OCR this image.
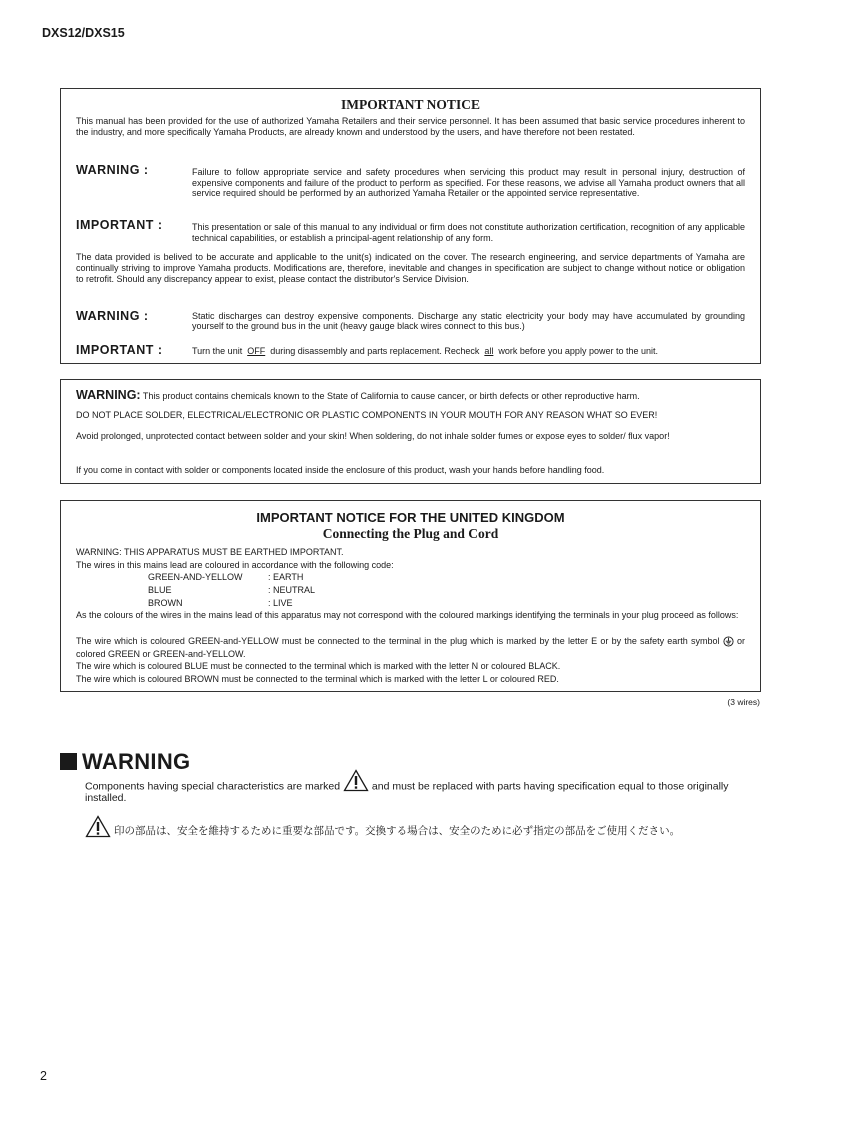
DXS12/DXS15
IMPORTANT NOTICE
This manual has been provided for the use of authorized Yamaha Retailers and their service personnel. It has been assumed that basic service procedures inherent to the industry, and more specifically Yamaha Products, are already known and understood by the users, and have therefore not been restated.
WARNING :	Failure to follow appropriate service and safety procedures when servicing this product may result in personal injury, destruction of expensive components and failure of the product to perform as specified. For these reasons, we advise all Yamaha product owners that all service required should be performed by an authorized Yamaha Retailer or the appointed service representative.
IMPORTANT :	This presentation or sale of this manual to any individual or firm does not constitute authorization certification, recognition of any applicable technical capabilities, or establish a principal-agent relationship of any form.
The data provided is belived to be accurate and applicable to the unit(s) indicated on the cover. The research engineering, and service departments of Yamaha are continually striving to improve Yamaha products. Modifications are, therefore, inevitable and changes in specification are subject to change without notice or obligation to retrofit. Should any discrepancy appear to exist, please contact the distributor's Service Division.
WARNING :	Static discharges can destroy expensive components. Discharge any static electricity your body may have accumulated by grounding yourself to the ground bus in the unit (heavy gauge black wires connect to this bus.)
IMPORTANT :	Turn the unit OFF during disassembly and parts replacement. Recheck all work before you apply power to the unit.
WARNING: This product contains chemicals known to the State of California to cause cancer, or birth defects or other reproductive harm.
DO NOT PLACE SOLDER, ELECTRICAL/ELECTRONIC OR PLASTIC COMPONENTS IN YOUR MOUTH FOR ANY REASON WHAT SO EVER!
Avoid prolonged, unprotected contact between solder and your skin! When soldering, do not inhale solder fumes or expose eyes to solder/ flux vapor!
If you come in contact with solder or components located inside the enclosure of this product, wash your hands before handling food.
IMPORTANT NOTICE FOR THE UNITED KINGDOM
Connecting the Plug and Cord
WARNING: THIS APPARATUS MUST BE EARTHED IMPORTANT.
The wires in this mains lead are coloured in accordance with the following code:
GREEN-AND-YELLOW	: EARTH
BLUE	: NEUTRAL
BROWN	: LIVE
As the colours of the wires in the mains lead of this apparatus may not correspond with the coloured markings identifying the terminals in your plug proceed as follows:
The wire which is coloured GREEN-and-YELLOW must be connected to the terminal in the plug which is marked by the letter E or by the safety earth symbol or colored GREEN or GREEN-and-YELLOW.
The wire which is coloured BLUE must be connected to the terminal which is marked with the letter N or coloured BLACK.
The wire which is coloured BROWN must be connected to the terminal which is marked with the letter L or coloured RED.
(3 wires)
WARNING
Components having special characteristics are marked	and must be replaced with parts having specification equal to those originally installed.
印の部品は、安全を維持するために重要な部品です。交換する場合は、安全のために必ず指定の部品をご使用ください。
2
